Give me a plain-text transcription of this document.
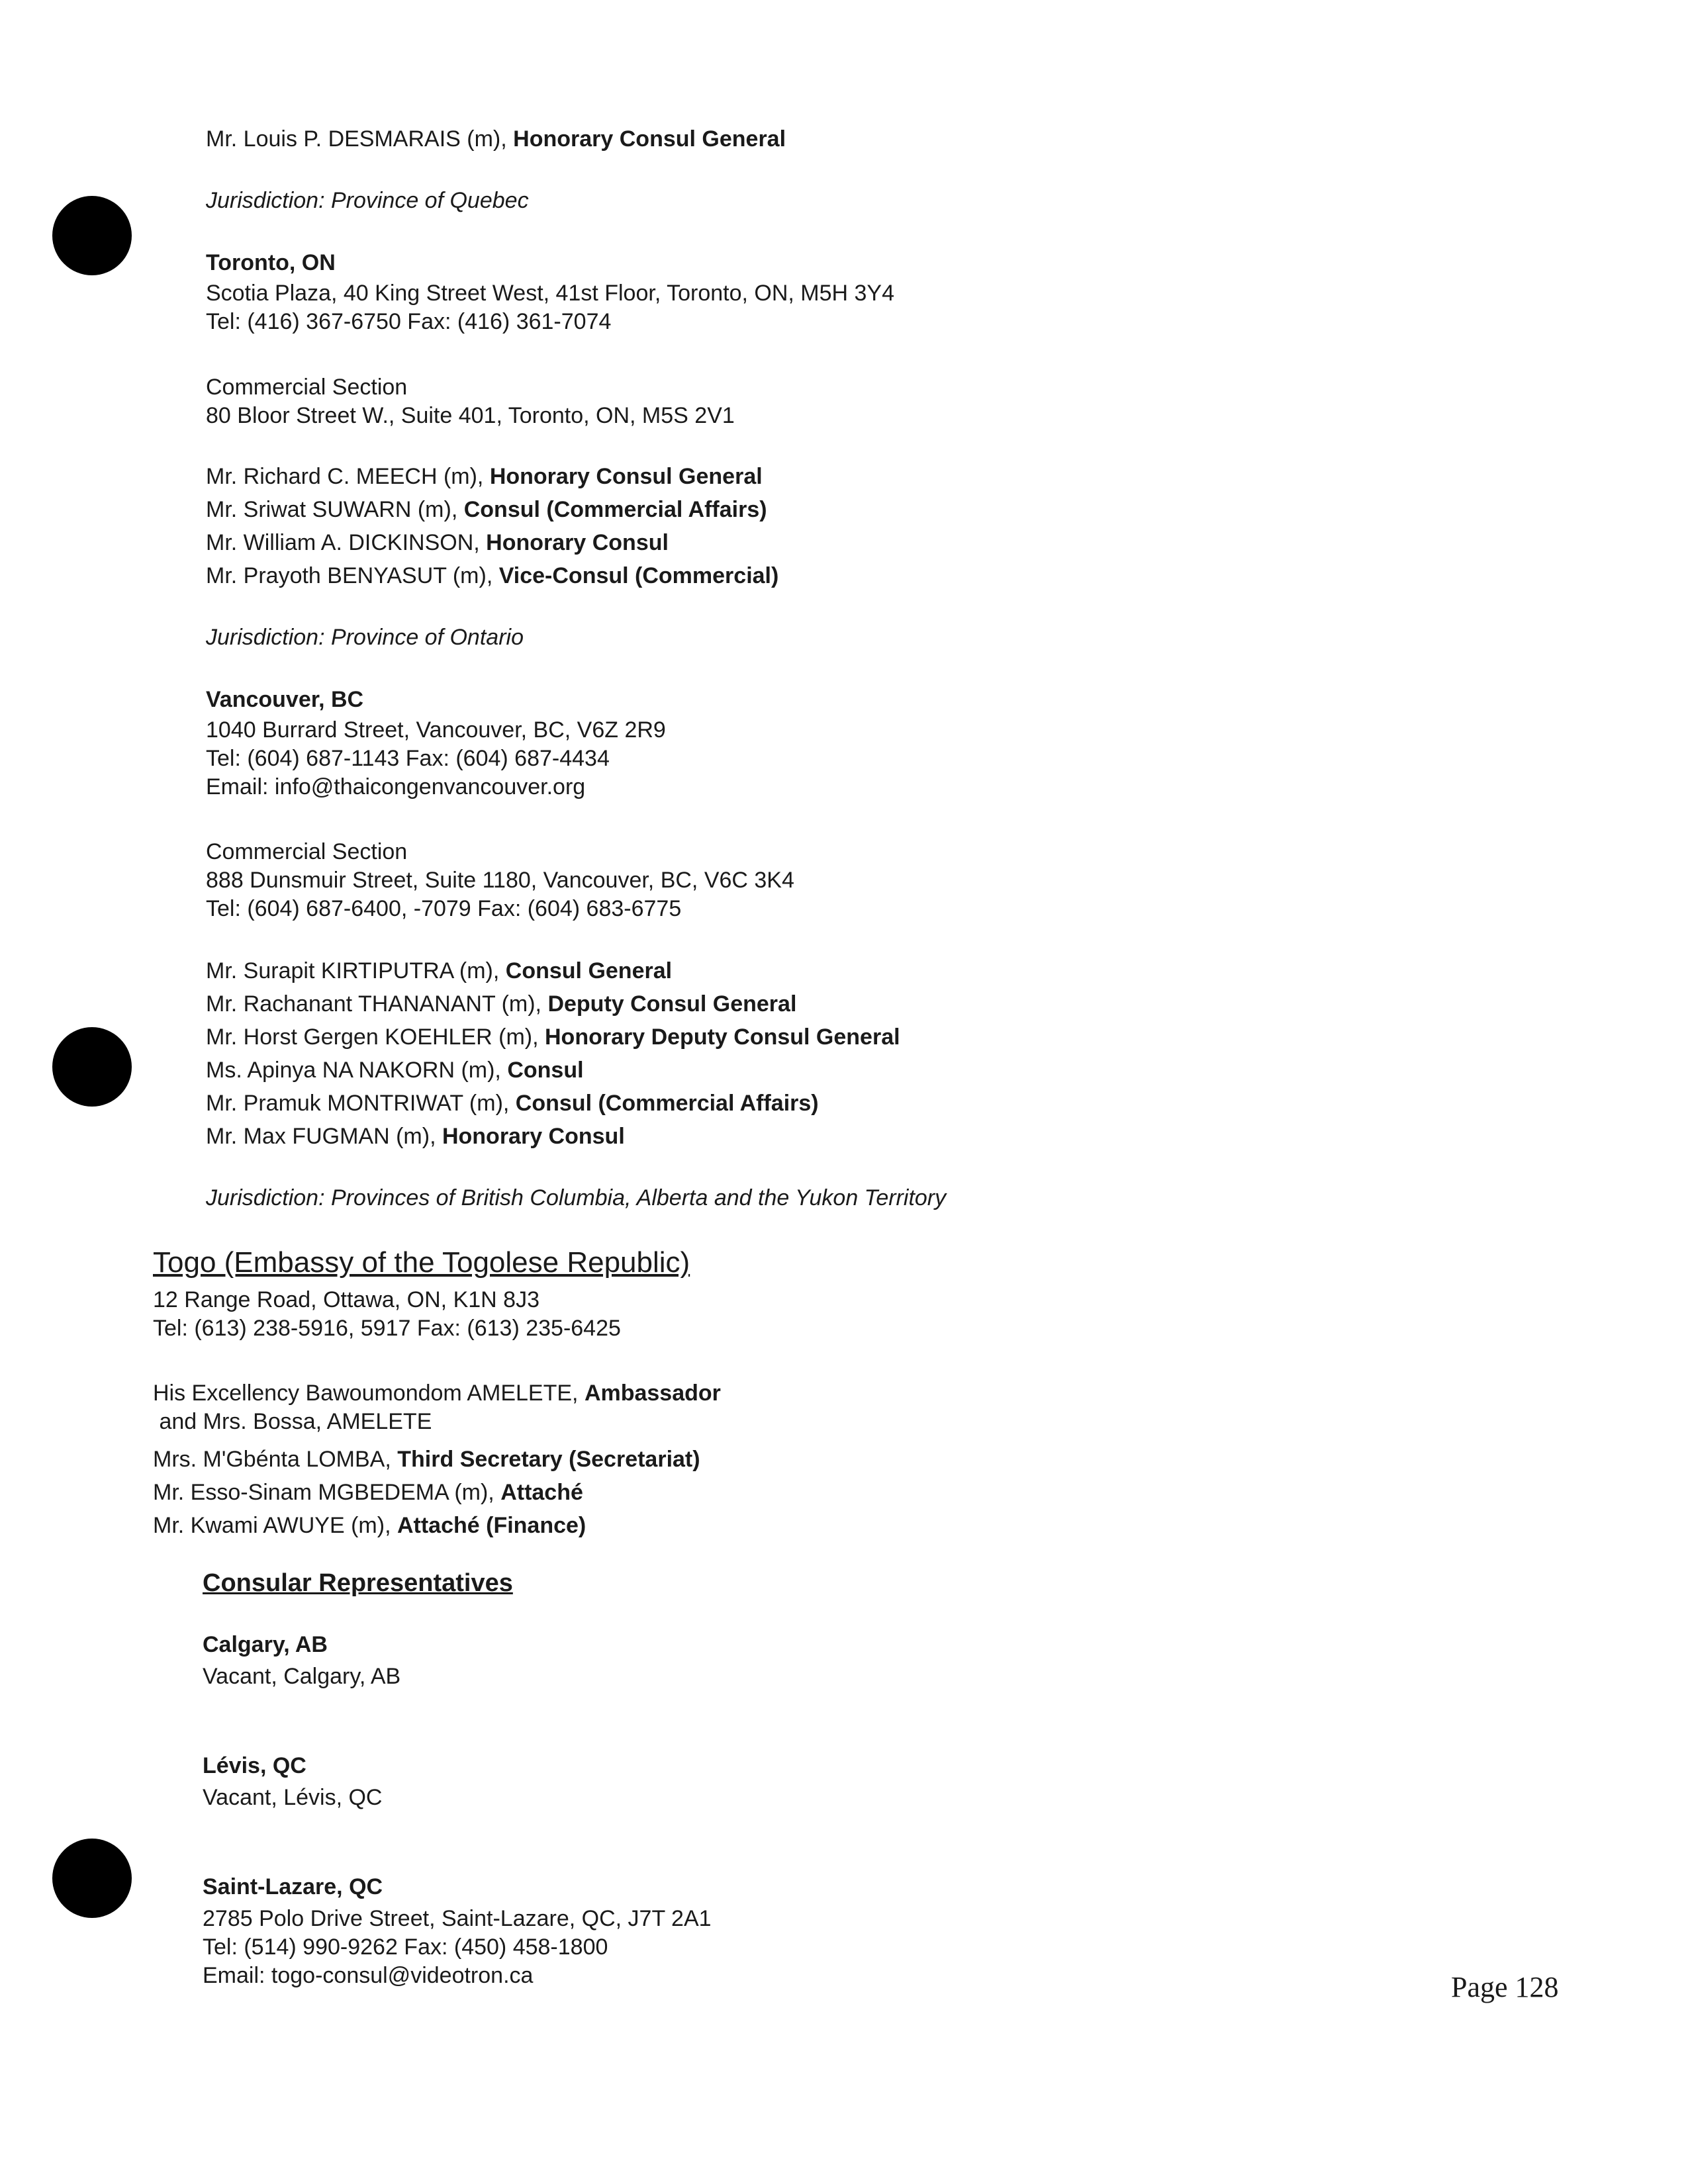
Mr. Louis P. DESMARAIS (m), Honorary Consul General
Jurisdiction: Province of Quebec
Toronto, ON
Scotia Plaza, 40 King Street West, 41st Floor, Toronto, ON, M5H 3Y4
Tel: (416) 367-6750 Fax: (416) 361-7074
Commercial Section
80 Bloor Street W., Suite 401, Toronto, ON, M5S 2V1
Mr. Richard C. MEECH (m), Honorary Consul General
Mr. Sriwat SUWARN (m), Consul (Commercial Affairs)
Mr. William A. DICKINSON, Honorary Consul
Mr. Prayoth BENYASUT (m), Vice-Consul (Commercial)
Jurisdiction: Province of Ontario
Vancouver, BC
1040 Burrard Street, Vancouver, BC, V6Z 2R9
Tel: (604) 687-1143 Fax: (604) 687-4434
Email: info@thaicongenvancouver.org
Commercial Section
888 Dunsmuir Street, Suite 1180, Vancouver, BC, V6C 3K4
Tel: (604) 687-6400, -7079 Fax: (604) 683-6775
Mr. Surapit KIRTIPUTRA (m), Consul General
Mr. Rachanant THANANANT (m), Deputy Consul General
Mr. Horst Gergen KOEHLER (m), Honorary Deputy Consul General
Ms. Apinya NA NAKORN (m), Consul
Mr. Pramuk MONTRIWAT (m), Consul (Commercial Affairs)
Mr. Max FUGMAN (m), Honorary Consul
Jurisdiction: Provinces of British Columbia, Alberta and the Yukon Territory
Togo (Embassy of the Togolese Republic)
12 Range Road, Ottawa, ON, K1N 8J3
Tel: (613) 238-5916, 5917 Fax: (613) 235-6425
His Excellency Bawoumondom AMELETE, Ambassador
and Mrs. Bossa, AMELETE
Mrs. M'Gbénta LOMBA, Third Secretary (Secretariat)
Mr. Esso-Sinam MGBEDEMA (m), Attaché
Mr. Kwami AWUYE (m), Attaché (Finance)
Consular Representatives
Calgary, AB
Vacant, Calgary, AB
Lévis, QC
Vacant, Lévis, QC
Saint-Lazare, QC
2785 Polo Drive Street, Saint-Lazare, QC, J7T 2A1
Tel: (514) 990-9262 Fax: (450) 458-1800
Email: togo-consul@videotron.ca	Page 128
